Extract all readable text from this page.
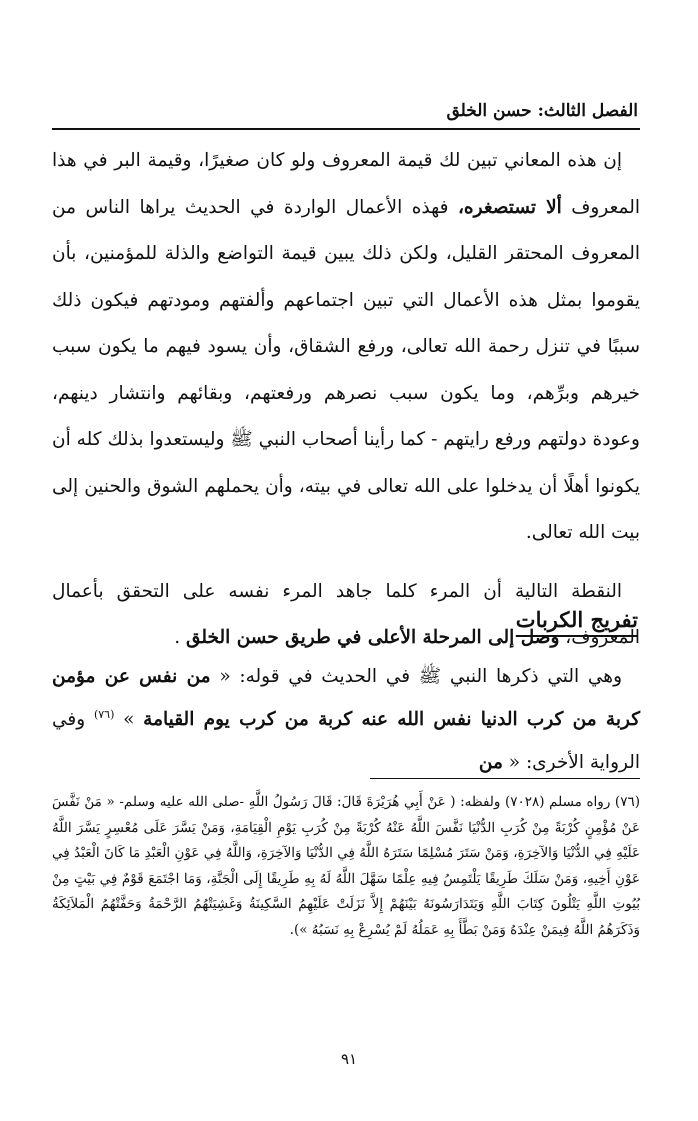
الفصل الثالث: حسن الخلق

إن هذه المعاني تبين لك قيمة المعروف ولو كان صغيرًا، وقيمة البر في هذا المعروف ألا تستصغره، فهذه الأعمال الواردة في الحديث يراها الناس من المعروف المحتقر القليل، ولكن ذلك يبين قيمة التواضع والذلة للمؤمنين، بأن يقوموا بمثل هذه الأعمال التي تبين اجتماعهم وألفتهم ومودتهم فيكون ذلك سببًا في تنزل رحمة الله تعالى، ورفع الشقاق، وأن يسود فيهم ما يكون سبب خيرهم وبرِّهم، وما يكون سبب نصرهم ورفعتهم، وبقائهم وانتشار دينهم، وعودة دولتهم ورفع رايتهم - كما رأينا أصحاب النبي ﷺ وليستعدوا بذلك كله أن يكونوا أهلًا أن يدخلوا على الله تعالى في بيته، وأن يحملهم الشوق والحنين إلى بيت الله تعالى.

النقطة التالية أن المرء كلما جاهد المرء نفسه على التحقق بأعمال المعروف، وصل إلى المرحلة الأعلى في طريق حسن الخلق .

تفريج الكربات

وهي التي ذكرها النبي ﷺ في الحديث في قوله: « من نفس عن مؤمن كربة من كرب الدنيا نفس الله عنه كربة من كرب يوم القيامة » $^{(٧٦)}$ وفي الرواية الأخرى: « من

(٧٦) رواه مسلم (٧٠٢٨) ولفظه: ( عَنْ أَبِي هُرَيْرَةَ قَالَ: قَالَ رَسُولُ اللَّهِ -صلى الله عليه وسلم- « مَنْ نَفَّسَ عَنْ مُؤْمِنٍ كُرْبَةً مِنْ كُرَبِ الدُّنْيَا نَفَّسَ اللَّهُ عَنْهُ كُرْبَةً مِنْ كُرَبِ يَوْمِ الْقِيَامَةِ، وَمَنْ يَسَّرَ عَلَى مُعْسِرٍ يَسَّرَ اللَّهُ عَلَيْهِ فِي الدُّنْيَا وَالآخِرَةِ، وَمَنْ سَتَرَ مُسْلِمًا سَتَرَهُ اللَّهُ فِي الدُّنْيَا وَالآخِرَةِ، وَاللَّهُ فِي عَوْنِ الْعَبْدِ مَا كَانَ الْعَبْدُ فِي عَوْنِ أَخِيهِ، وَمَنْ سَلَكَ طَرِيقًا يَلْتَمِسُ فِيهِ عِلْمًا سَهَّلَ اللَّهُ لَهُ بِهِ طَرِيقًا إِلَى الْجَنَّةِ، وَمَا اجْتَمَعَ قَوْمٌ فِي بَيْتٍ مِنْ بُيُوتِ اللَّهِ يَتْلُونَ كِتَابَ اللَّهِ وَيَتَدَارَسُونَهُ بَيْنَهُمْ إِلاَّ نَزَلَتْ عَلَيْهِمُ السَّكِينَةُ وَغَشِيَتْهُمُ الرَّحْمَةُ وَحَفَّتْهُمُ الْمَلاَئِكَةُ وَذَكَرَهُمُ اللَّهُ فِيمَنْ عِنْدَهُ وَمَنْ بَطَّأَ بِهِ عَمَلُهُ لَمْ يُسْرِعْ بِهِ نَسَبُهُ »).

٩١
